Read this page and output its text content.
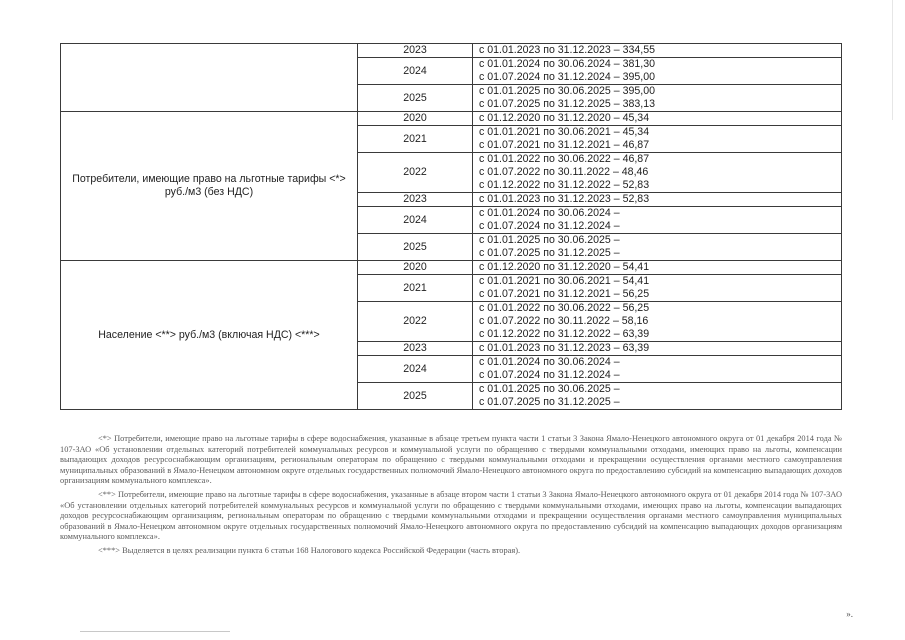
	2023	с 01.01.2023 по 31.12.2023 – 334,55

	2024	с 01.01.2024 по 30.06.2024 – 381,30
с 01.07.2024 по 31.12.2024 – 395,00

	2025	с 01.01.2025 по 30.06.2025 – 395,00
с 01.07.2025 по 31.12.2025 – 383,13

Потребители, имеющие право на льготные тарифы <*> руб./м3 (без НДС)	2020	с 01.12.2020 по 31.12.2020 – 45,34

	2021	с 01.01.2021 по 30.06.2021 – 45,34
с 01.07.2021 по 31.12.2021 – 46,87

	2022	с 01.01.2022 по 30.06.2022 – 46,87
с 01.07.2022 по 30.11.2022 – 48,46
с 01.12.2022 по 31.12.2022 – 52,83

	2023	с 01.01.2023 по 31.12.2023 – 52,83

	2024	с 01.01.2024 по 30.06.2024 –
с 01.07.2024 по 31.12.2024 –

	2025	с 01.01.2025 по 30.06.2025 –
с 01.07.2025 по 31.12.2025 –

Население <**> руб./м3 (включая НДС) <***>	2020	с 01.12.2020 по 31.12.2020 – 54,41

	2021	с 01.01.2021 по 30.06.2021 – 54,41
с 01.07.2021 по 31.12.2021 – 56,25

	2022	с 01.01.2022 по 30.06.2022 – 56,25
с 01.07.2022 по 30.11.2022 – 58,16
с 01.12.2022 по 31.12.2022 – 63,39

	2023	с 01.01.2023 по 31.12.2023 – 63,39

	2024	с 01.01.2024 по 30.06.2024 –
с 01.07.2024 по 31.12.2024 –

	2025	с 01.01.2025 по 30.06.2025 –
с 01.07.2025 по 31.12.2025 –

<*> Потребители, имеющие право на льготные тарифы в сфере водоснабжения, указанные в абзаце третьем пункта части 1 статьи 3 Закона Ямало-Ненецкого автономного округа от 01 декабря 2014 года № 107-ЗАО «Об установлении отдельных категорий потребителей коммунальных ресурсов и коммунальной услуги по обращению с твердыми коммунальными отходами, имеющих право на льготы, компенсации выпадающих доходов ресурсоснабжающим организациям, региональным операторам по обращению с твердыми коммунальными отходами и прекращении осуществления органами местного самоуправления муниципальных образований в Ямало-Ненецком автономном округе отдельных государственных полномочий Ямало-Ненецкого автономного округа по предоставлению субсидий на компенсацию выпадающих доходов организациям коммунального комплекса».

<**> Потребители, имеющие право на льготные тарифы в сфере водоснабжения, указанные в абзаце втором части 1 статьи 3 Закона Ямало-Ненецкого автономного округа от 01 декабря 2014 года № 107-ЗАО «Об установлении отдельных категорий потребителей коммунальных ресурсов и коммунальной услуги по обращению с твердыми коммунальными отходами, имеющих право на льготы, компенсации выпадающих доходов ресурсоснабжающим организациям, региональным операторам по обращению с твердыми коммунальными отходами и прекращении осуществления органами местного самоуправления муниципальных образований в Ямало-Ненецком автономном округе отдельных государственных полномочий Ямало-Ненецкого автономного округа по предоставлению субсидий на компенсацию выпадающих доходов организациям коммунального комплекса».

<***> Выделяется в целях реализации пункта 6 статьи 168 Налогового кодекса Российской Федерации (часть вторая).

».
